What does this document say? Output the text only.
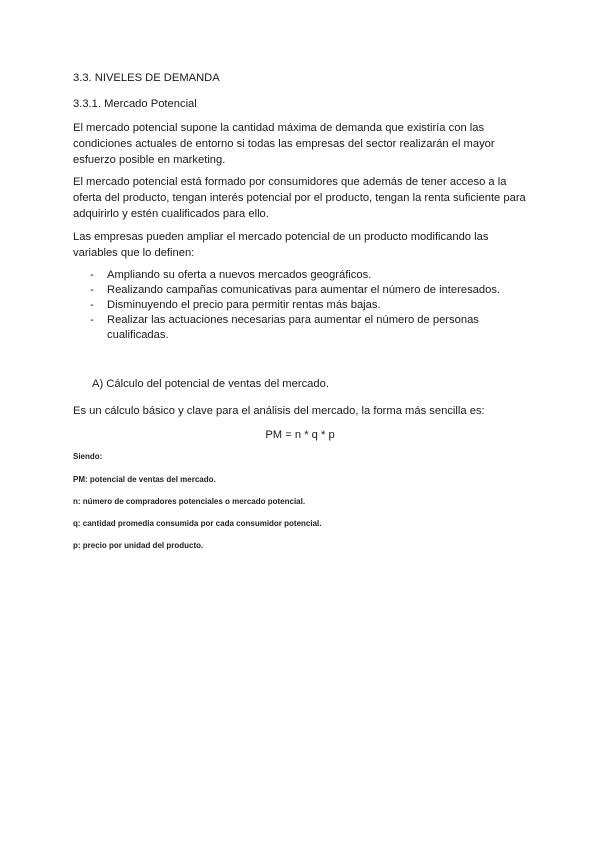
3.3. NIVELES DE DEMANDA

3.3.1. Mercado Potencial

El mercado potencial supone la cantidad máxima de demanda que existiría con las condiciones actuales de entorno si todas las empresas del sector realizarán el mayor esfuerzo posible en marketing.

El mercado potencial está formado por consumidores que además de tener acceso a la oferta del producto, tengan interés potencial por el producto, tengan la renta suficiente para adquirirlo y estén cualificados para ello.

Las empresas pueden ampliar el mercado potencial de un producto modificando las variables que lo definen:

- Ampliando su oferta a nuevos mercados geográficos.
- Realizando campañas comunicativas para aumentar el número de interesados.
- Disminuyendo el precio para permitir rentas más bajas.
- Realizar las actuaciones necesarias para aumentar el número de personas cualificadas.
A) Cálculo del potencial de ventas del mercado.

Es un cálculo básico y clave para el análisis del mercado, la forma más sencilla es:

PM = n * q * p
Siendo:
PM: potencial de ventas del mercado.
n: número de compradores potenciales o mercado potencial.
q: cantidad promedia consumida por cada consumidor potencial.
p: precio por unidad del producto.
